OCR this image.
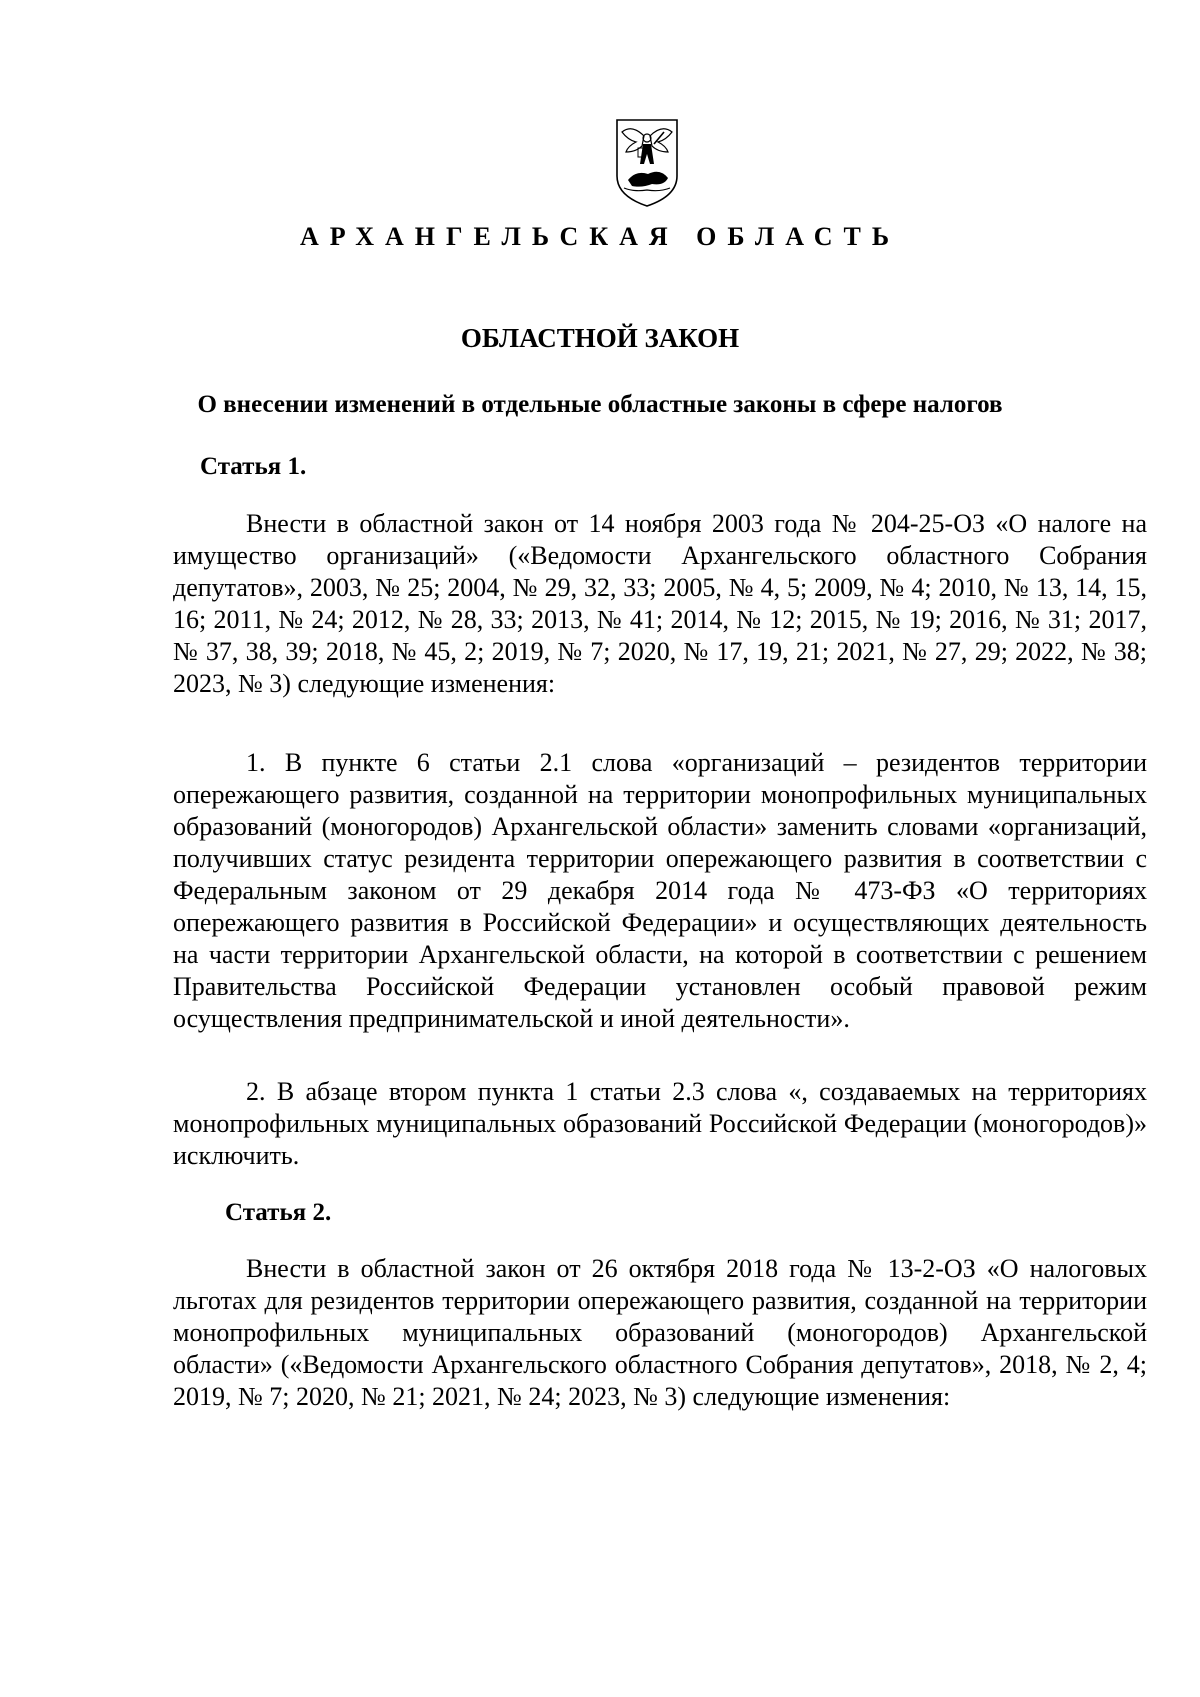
АРХАНГЕЛЬСКАЯ ОБЛАСТЬ
ОБЛАСТНОЙ ЗАКОН
О внесении изменений в отдельные областные законы в сфере налогов
Статья 1.

Внести в областной закон от 14 ноября 2003 года № 204-25-ОЗ «О налоге на имущество организаций» («Ведомости Архангельского областного Собрания депутатов», 2003, № 25; 2004, № 29, 32, 33; 2005, № 4, 5; 2009, № 4; 2010, № 13, 14, 15, 16; 2011, № 24; 2012, № 28, 33; 2013, № 41; 2014, № 12; 2015, № 19; 2016, № 31; 2017, № 37, 38, 39; 2018, № 45, 2; 2019, № 7; 2020, № 17, 19, 21; 2021, № 27, 29; 2022, № 38; 2023, № 3) следующие изменения:

1. В пункте 6 статьи 2.1 слова «организаций – резидентов территории опережающего развития, созданной на территории монопрофильных муниципальных образований (моногородов) Архангельской области» заменить словами «организаций, получивших статус резидента территории опережающего развития в соответствии с Федеральным законом от 29 декабря 2014 года № 473-ФЗ «О территориях опережающего развития в Российской Федерации» и осуществляющих деятельность на части территории Архангельской области, на которой в соответствии с решением Правительства Российской Федерации установлен особый правовой режим осуществления предпринимательской и иной деятельности».

2. В абзаце втором пункта 1 статьи 2.3 слова «, создаваемых на территориях монопрофильных муниципальных образований Российской Федерации (моногородов)» исключить.

Статья 2.

Внести в областной закон от 26 октября 2018 года № 13-2-ОЗ «О налоговых льготах для резидентов территории опережающего развития, созданной на территории монопрофильных муниципальных образований (моногородов) Архангельской области» («Ведомости Архангельского областного Собрания депутатов», 2018, № 2, 4; 2019, № 7; 2020, № 21; 2021, № 24; 2023, № 3) следующие изменения:
